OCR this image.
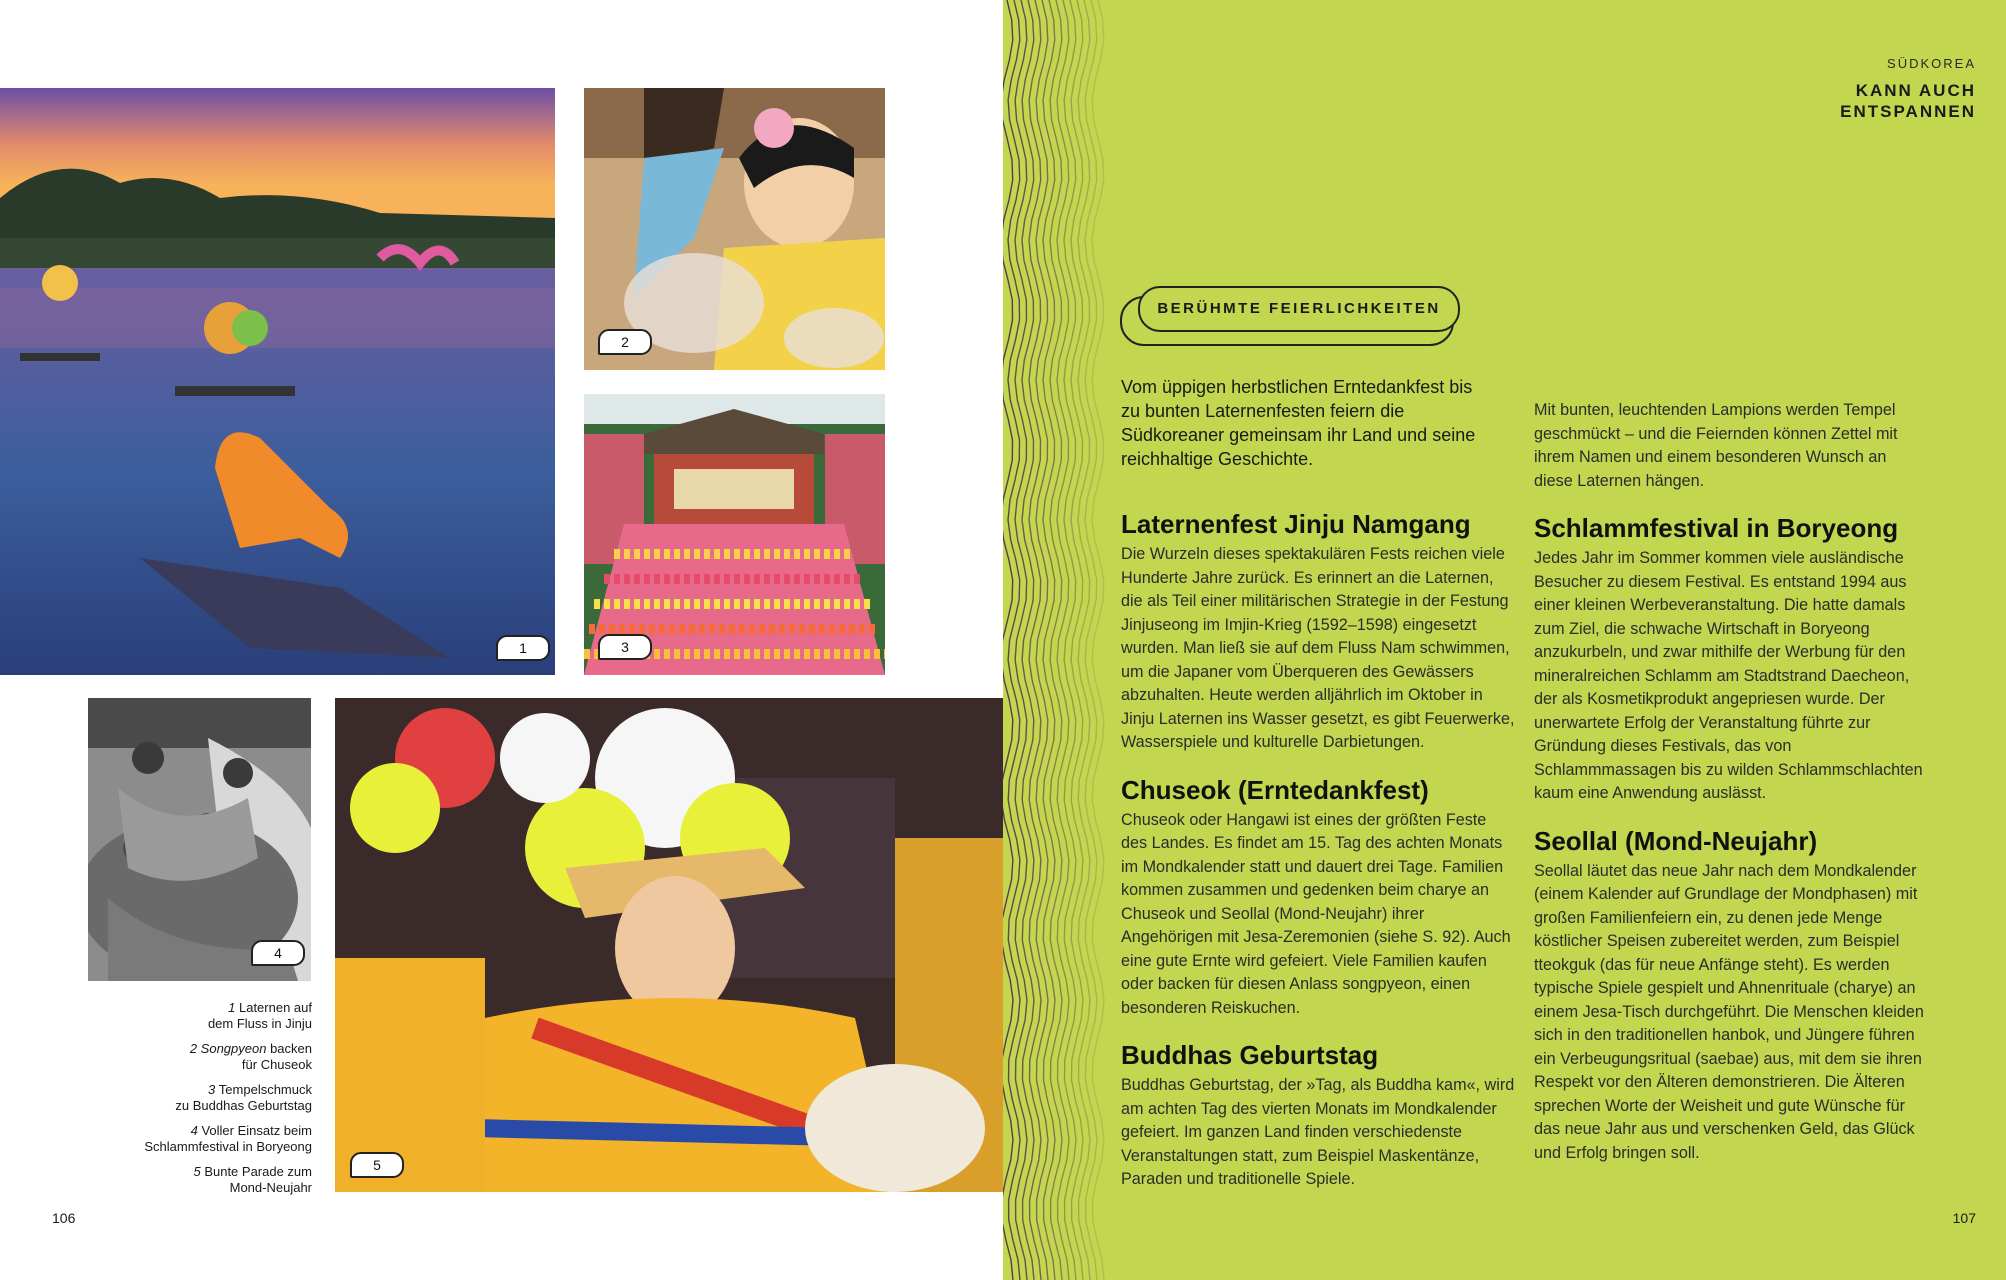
1
2
3
4
5
1 Laternen auf
dem Fluss in Jinju
2 Songpyeon backen
für Chuseok
3 Tempelschmuck
zu Buddhas Geburtstag
4 Voller Einsatz beim
Schlammfestival in Boryeong
5 Bunte Parade zum
Mond-Neujahr
106
SÜDKOREA
KANN AUCH ENTSPANNEN
BERÜHMTE FEIERLICHKEITEN
Vom üppigen herbstlichen Erntedankfest bis zu bunten Laternenfesten feiern die Südkoreaner gemeinsam ihr Land und seine reichhaltige Geschichte.
Laternenfest Jinju Namgang

Die Wurzeln dieses spektakulären Fests reichen viele Hunderte Jahre zurück. Es erinnert an die Laternen, die als Teil einer militärischen Strategie in der Festung Jinjuseong im Imjin-Krieg (1592–1598) eingesetzt wurden. Man ließ sie auf dem Fluss Nam schwimmen, um die Japaner vom Überqueren des Gewässers abzuhalten. Heute werden alljährlich im Oktober in Jinju Laternen ins Wasser gesetzt, es gibt Feuerwerke, Wasserspiele und kulturelle Darbietungen.

Chuseok (Erntedankfest)

Chuseok oder Hangawi ist eines der größten Feste des Landes. Es findet am 15. Tag des achten Monats im Mondkalender statt und dauert drei Tage. Familien kommen zusammen und gedenken beim charye an Chuseok und Seollal (Mond-Neujahr) ihrer Angehörigen mit Jesa-Zeremonien (siehe S. 92). Auch eine gute Ernte wird gefeiert. Viele Familien kaufen oder backen für diesen Anlass songpyeon, einen besonderen Reiskuchen.

Buddhas Geburtstag

Buddhas Geburtstag, der »Tag, als Buddha kam«, wird am achten Tag des vierten Monats im Mondkalender gefeiert. Im ganzen Land finden verschiedenste Veranstaltungen statt, zum Beispiel Maskentänze, Paraden und traditionelle Spiele.

Mit bunten, leuchtenden Lampions werden Tempel geschmückt – und die Feiernden können Zettel mit ihrem Namen und einem besonderen Wunsch an diese Laternen hängen.

Schlammfestival in Boryeong

Jedes Jahr im Sommer kommen viele ausländische Besucher zu diesem Festival. Es entstand 1994 aus einer kleinen Werbeveranstaltung. Die hatte damals zum Ziel, die schwache Wirtschaft in Boryeong anzukurbeln, und zwar mithilfe der Werbung für den mineralreichen Schlamm am Stadtstrand Daecheon, der als Kosmetikprodukt angepriesen wurde. Der unerwartete Erfolg der Veranstaltung führte zur Gründung dieses Festivals, das von Schlammmassagen bis zu wilden Schlammschlachten kaum eine Anwendung auslässt.

Seollal (Mond-Neujahr)

Seollal läutet das neue Jahr nach dem Mondkalender (einem Kalender auf Grundlage der Mondphasen) mit großen Familienfeiern ein, zu denen jede Menge köstlicher Speisen zubereitet werden, zum Beispiel tteokguk (das für neue Anfänge steht). Es werden typische Spiele gespielt und Ahnenrituale (charye) an einem Jesa-Tisch durchgeführt. Die Menschen kleiden sich in den traditionellen hanbok, und Jüngere führen ein Verbeugungsritual (saebae) aus, mit dem sie ihren Respekt vor den Älteren demonstrieren. Die Älteren sprechen Worte der Weisheit und gute Wünsche für das neue Jahr aus und verschenken Geld, das Glück und Erfolg bringen soll.

107
